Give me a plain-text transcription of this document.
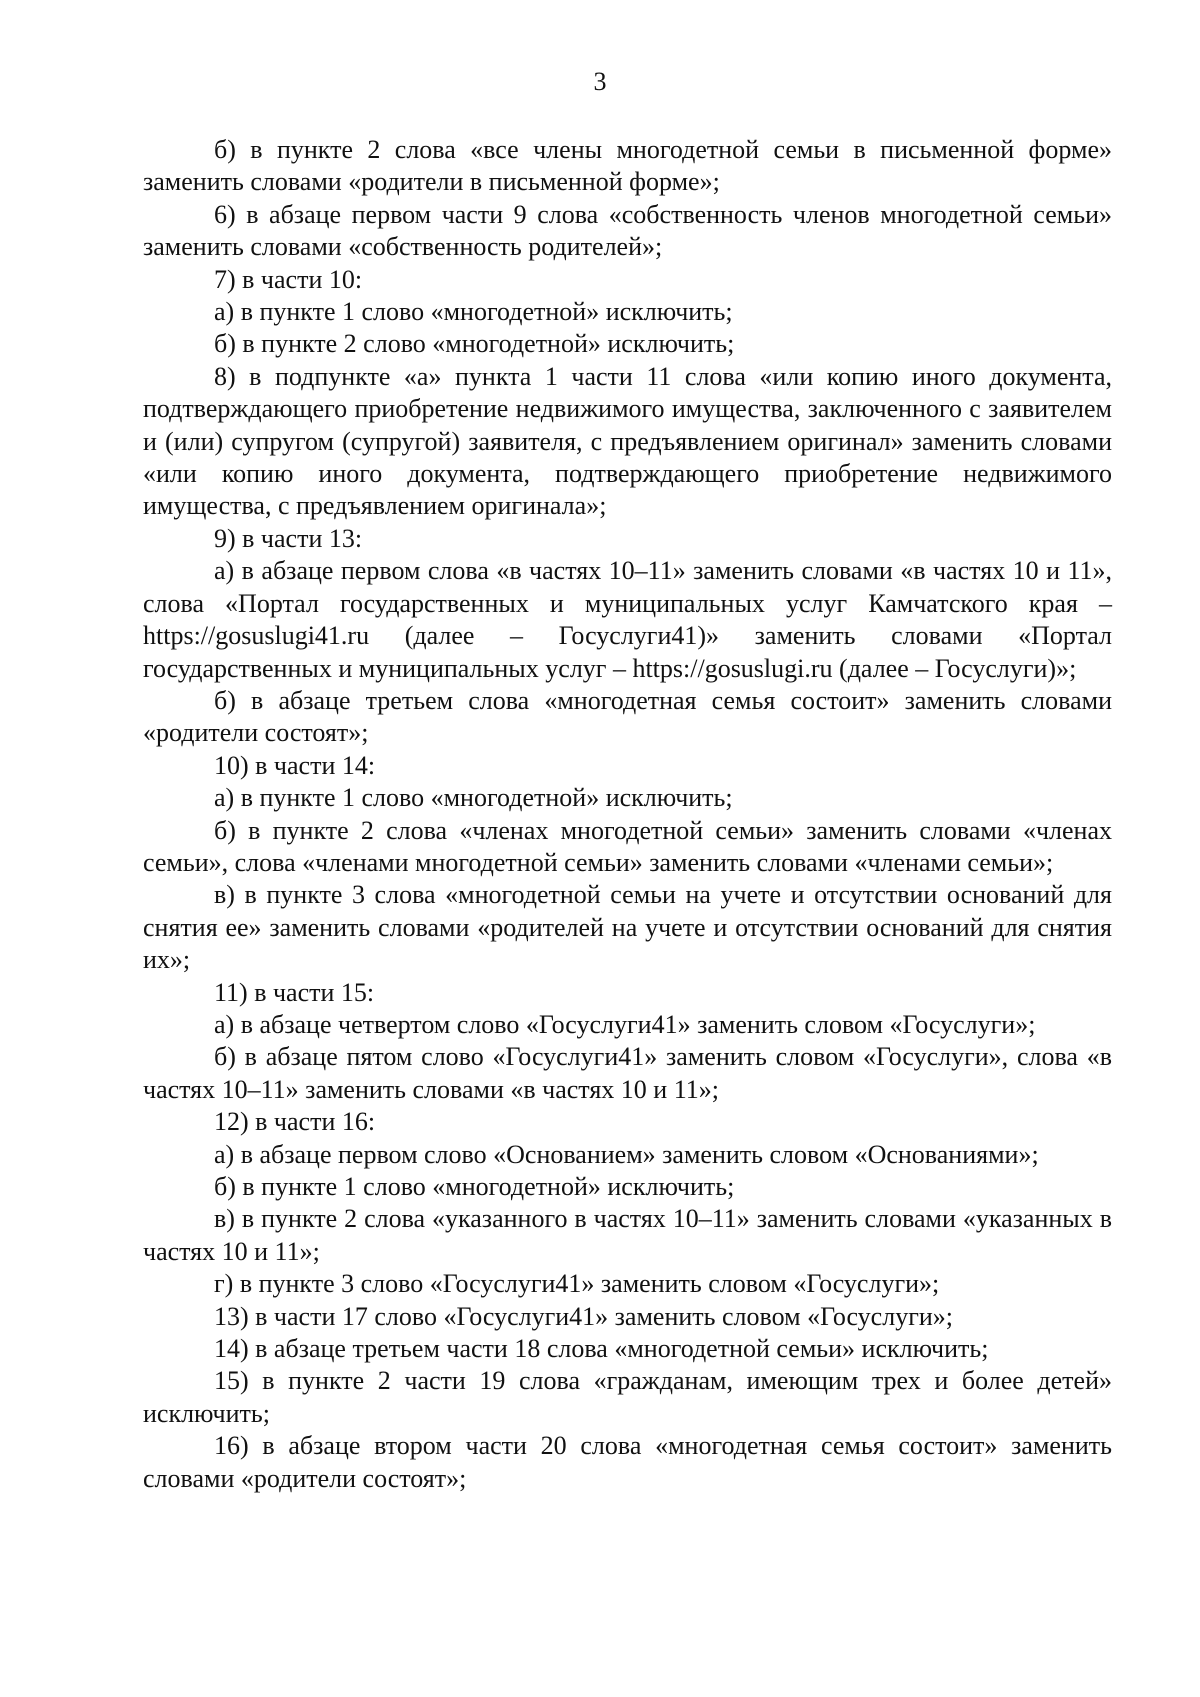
3

б) в пункте 2 слова «все члены многодетной семьи в письменной форме» заменить словами «родители в письменной форме»;

6) в абзаце первом части 9 слова «собственность членов многодетной семьи» заменить словами «собственность родителей»;

7) в части 10:

а) в пункте 1 слово «многодетной» исключить;

б) в пункте 2 слово «многодетной» исключить;

8) в подпункте «а» пункта 1 части 11 слова «или копию иного документа, подтверждающего приобретение недвижимого имущества, заключенного с заявителем и (или) супругом (супругой) заявителя, с предъявлением оригинал» заменить словами «или копию иного документа, подтверждающего приобретение недвижимого имущества, с предъявлением оригинала»;

9) в части 13:

а) в абзаце первом слова «в частях 10–11» заменить словами «в частях 10 и 11», слова «Портал государственных и муниципальных услуг Камчатского края – https://gosuslugi41.ru (далее – Госуслуги41)» заменить словами «Портал государственных и муниципальных услуг – https://gosuslugi.ru (далее – Госуслуги)»;

б) в абзаце третьем слова «многодетная семья состоит» заменить словами «родители состоят»;

10) в части 14:

а) в пункте 1 слово «многодетной» исключить;

б) в пункте 2 слова «членах многодетной семьи» заменить словами «членах семьи», слова «членами многодетной семьи» заменить словами «членами семьи»;

в) в пункте 3 слова «многодетной семьи на учете и отсутствии оснований для снятия ее» заменить словами «родителей на учете и отсутствии оснований для снятия их»;

11) в части 15:

а) в абзаце четвертом слово «Госуслуги41» заменить словом «Госуслуги»;

б) в абзаце пятом слово «Госуслуги41» заменить словом «Госуслуги», слова «в частях 10–11» заменить словами «в частях 10 и 11»;

12) в части 16:

а) в абзаце первом слово «Основанием» заменить словом «Основаниями»;

б) в пункте 1 слово «многодетной» исключить;

в) в пункте 2 слова «указанного в частях 10–11» заменить словами «указанных в частях 10 и 11»;

г) в пункте 3 слово «Госуслуги41» заменить словом «Госуслуги»;

13) в части 17 слово «Госуслуги41» заменить словом «Госуслуги»;

14) в абзаце третьем части 18 слова «многодетной семьи» исключить;

15) в пункте 2 части 19 слова «гражданам, имеющим трех и более детей» исключить;

16) в абзаце втором части 20 слова «многодетная семья состоит» заменить словами «родители состоят»;
